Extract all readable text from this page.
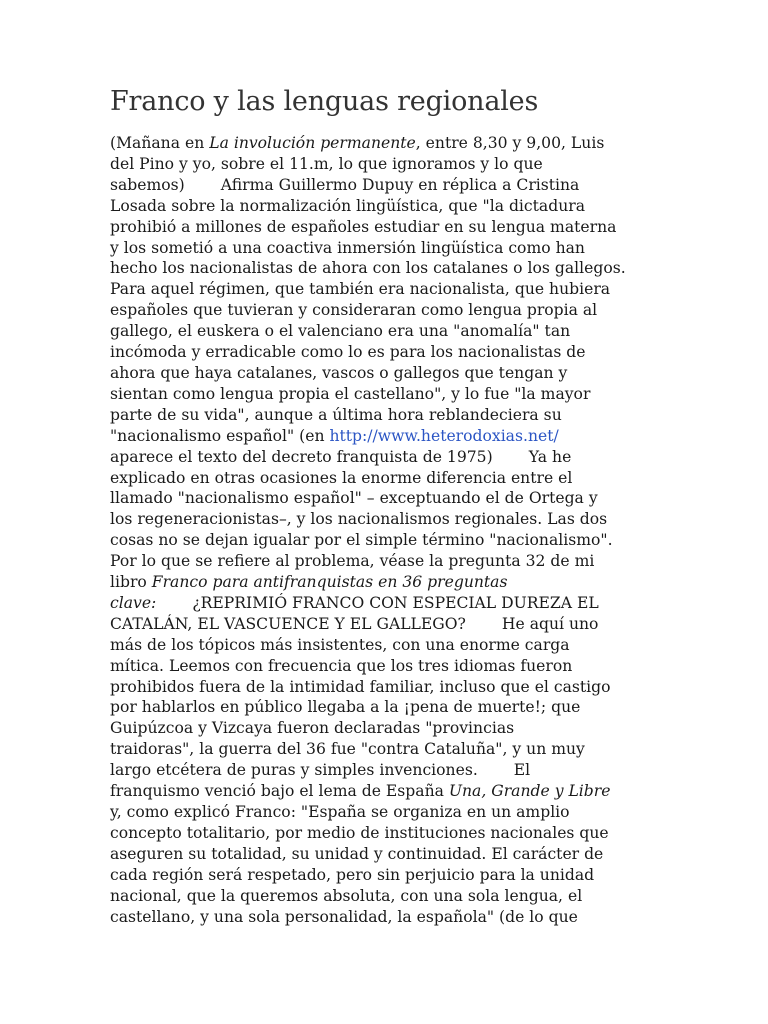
Franco y las lenguas regionales
(Mañana en La involución permanente, entre 8,30 y 9,00, Luis
del Pino y yo, sobre el 11.m, lo que ignoramos y lo que
sabemos) Afirma Guillermo Dupuy en réplica a Cristina
Losada sobre la normalización lingüística, que "la dictadura
prohibió a millones de españoles estudiar en su lengua materna
y los sometió a una coactiva inmersión lingüística como han
hecho los nacionalistas de ahora con los catalanes o los gallegos.
Para aquel régimen, que también era nacionalista, que hubiera
españoles que tuvieran y consideraran como lengua propia al
gallego, el euskera o el valenciano era una "anomalía" tan
incómoda y erradicable como lo es para los nacionalistas de
ahora que haya catalanes, vascos o gallegos que tengan y
sientan como lengua propia el castellano", y lo fue "la mayor
parte de su vida", aunque a última hora reblandeciera su
"nacionalismo español" (en http://www.heterodoxias.net/
aparece el texto del decreto franquista de 1975) Ya he
explicado en otras ocasiones la enorme diferencia entre el
llamado "nacionalismo español" – exceptuando el de Ortega y
los regeneracionistas–, y los nacionalismos regionales. Las dos
cosas no se dejan igualar por el simple término "nacionalismo".
Por lo que se refiere al problema, véase la pregunta 32 de mi
libro Franco para antifranquistas en 36 preguntas
clave: ¿REPRIMIÓ FRANCO CON ESPECIAL DUREZA EL
CATALÁN, EL VASCUENCE Y EL GALLEGO? He aquí uno
más de los tópicos más insistentes, con una enorme carga
mítica. Leemos con frecuencia que los tres idiomas fueron
prohibidos fuera de la intimidad familiar, incluso que el castigo
por hablarlos en público llegaba a la ¡pena de muerte!; que
Guipúzcoa y Vizcaya fueron declaradas "provincias
traidoras", la guerra del 36 fue "contra Cataluña", y un muy
largo etcétera de puras y simples invenciones. El
franquismo venció bajo el lema de España Una, Grande y Libre
y, como explicó Franco: "España se organiza en un amplio
concepto totalitario, por medio de instituciones nacionales que
aseguren su totalidad, su unidad y continuidad. El carácter de
cada región será respetado, pero sin perjuicio para la unidad
nacional, que la queremos absoluta, con una sola lengua, el
castellano, y una sola personalidad, la española" (de lo que
